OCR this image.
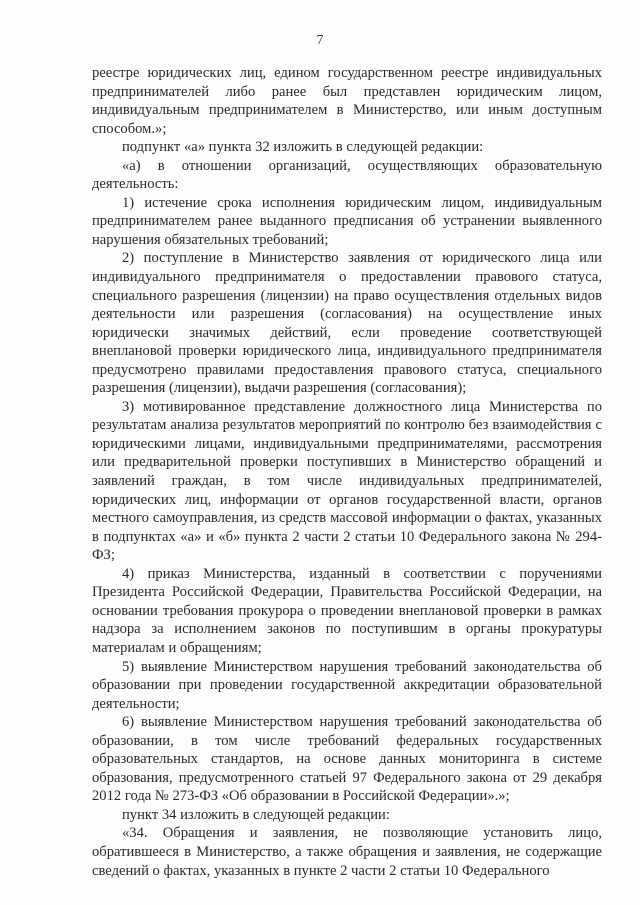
7

реестре юридических лиц, едином государственном реестре индивидуальных предпринимателей либо ранее был представлен юридическим лицом, индивидуальным предпринимателем в Министерство, или иным доступным способом.»;

подпункт «а» пункта 32 изложить в следующей редакции:

«а) в отношении организаций, осуществляющих образовательную деятельность:

1) истечение срока исполнения юридическим лицом, индивидуальным предпринимателем ранее выданного предписания об устранении выявленного нарушения обязательных требований;

2) поступление в Министерство заявления от юридического лица или индивидуального предпринимателя о предоставлении правового статуса, специального разрешения (лицензии) на право осуществления отдельных видов деятельности или разрешения (согласования) на осуществление иных юридически значимых действий, если проведение соответствующей внеплановой проверки юридического лица, индивидуального предпринимателя предусмотрено правилами предоставления правового статуса, специального разрешения (лицензии), выдачи разрешения (согласования);

3) мотивированное представление должностного лица Министерства по результатам анализа результатов мероприятий по контролю без взаимодействия с юридическими лицами, индивидуальными предпринимателями, рассмотрения или предварительной проверки поступивших в Министерство обращений и заявлений граждан, в том числе индивидуальных предпринимателей, юридических лиц, информации от органов государственной власти, органов местного самоуправления, из средств массовой информации о фактах, указанных в подпунктах «а» и «б» пункта 2 части 2 статьи 10 Федерального закона № 294-ФЗ;

4) приказ Министерства, изданный в соответствии с поручениями Президента Российской Федерации, Правительства Российской Федерации, на основании требования прокурора о проведении внеплановой проверки в рамках надзора за исполнением законов по поступившим в органы прокуратуры материалам и обращениям;

5) выявление Министерством нарушения требований законодательства об образовании при проведении государственной аккредитации образовательной деятельности;

6) выявление Министерством нарушения требований законодательства об образовании, в том числе требований федеральных государственных образовательных стандартов, на основе данных мониторинга в системе образования, предусмотренного статьей 97 Федерального закона от 29 декабря 2012 года № 273-ФЗ «Об образовании в Российской Федерации».»;

пункт 34 изложить в следующей редакции:

«34. Обращения и заявления, не позволяющие установить лицо, обратившееся в Министерство, а также обращения и заявления, не содержащие сведений о фактах, указанных в пункте 2 части 2 статьи 10 Федерального
